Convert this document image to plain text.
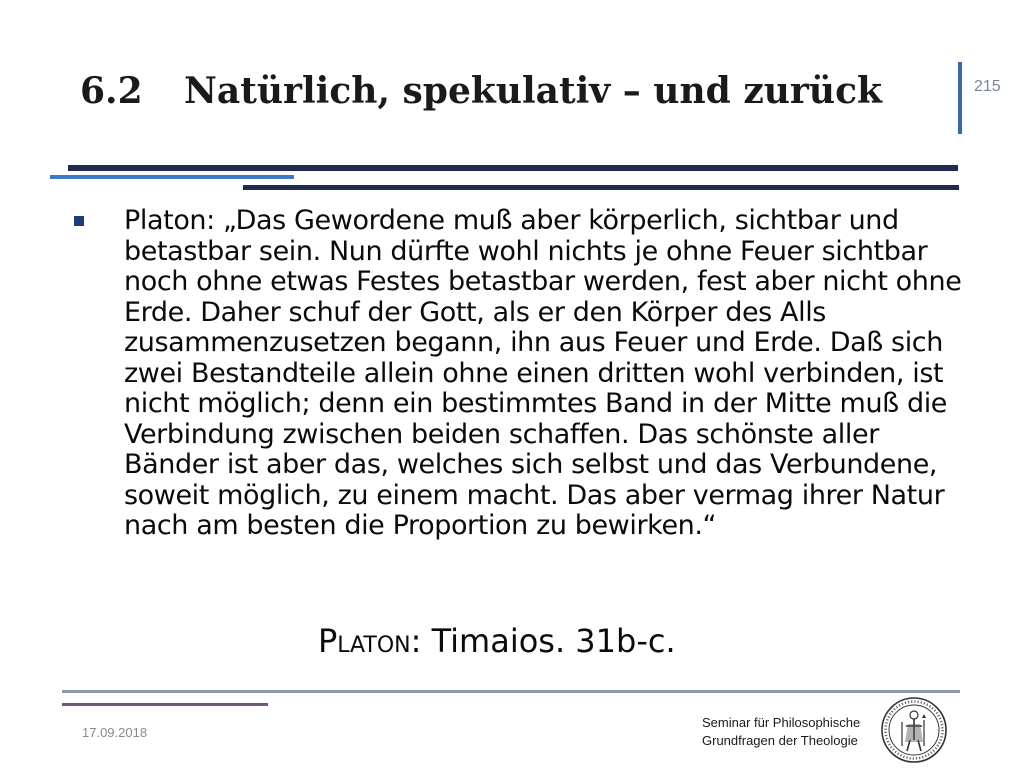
6.2 Natürlich, spekulativ – und zurück	215

Platon: „Das Gewordene muß aber körperlich, sichtbar und betastbar sein. Nun dürfte wohl nichts je ohne Feuer sichtbar noch ohne etwas Festes betastbar werden, fest aber nicht ohne Erde. Daher schuf der Gott, als er den Körper des Alls zusammenzusetzen begann, ihn aus Feuer und Erde. Daß sich zwei Bestandteile allein ohne einen dritten wohl verbinden, ist nicht möglich; denn ein bestimmtes Band in der Mitte muß die Verbindung zwischen beiden schaffen. Das schönste aller Bänder ist aber das, welches sich selbst und das Verbundene, soweit möglich, zu einem macht. Das aber vermag ihrer Natur nach am besten die Proportion zu bewirken.“

Platon: Timaios. 31b-c.
17.09.2018
Seminar für Philosophische
Grundfragen der Theologie
